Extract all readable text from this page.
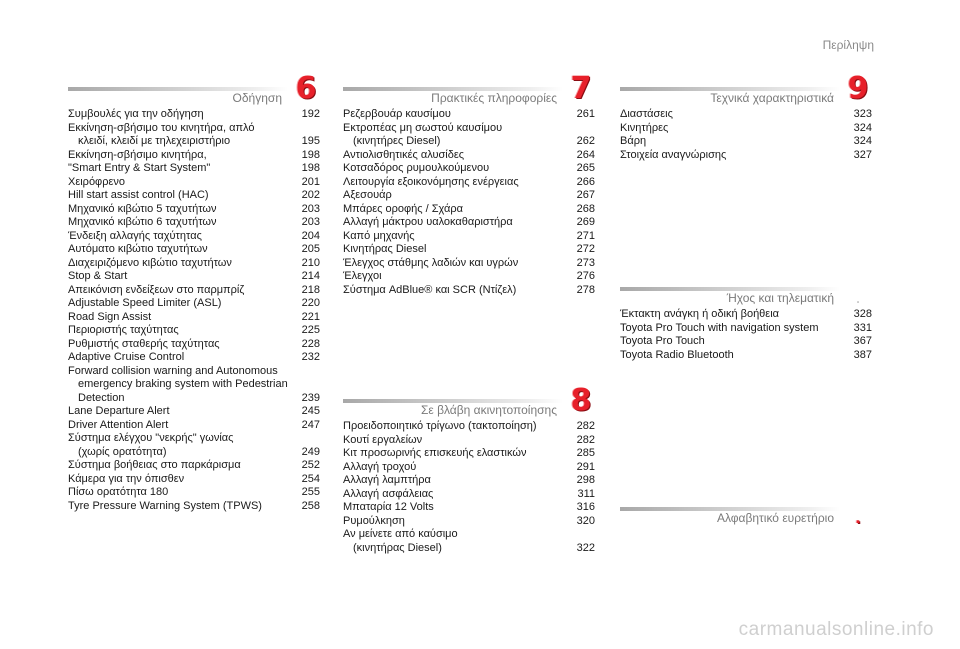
Περίληψη
Οδήγηση 6
Συμβουλές για την οδήγηση	192
Εκκίνηση-σβήσιμο του κινητήρα, απλό
κλειδί, κλειδί με τηλεχειριστήριο	195
Εκκίνηση-σβήσιμο κινητήρα,	198
"Smart Entry & Start System"	198
Χειρόφρενο	201
Hill start assist control (HAC)	202
Μηχανικό κιβώτιο 5 ταχυτήτων	203
Μηχανικό κιβώτιο 6 ταχυτήτων	203
Ένδειξη αλλαγής ταχύτητας	204
Αυτόματο κιβώτιο ταχυτήτων	205
Διαχειριζόμενο κιβώτιο ταχυτήτων	210
Stop & Start	214
Απεικόνιση ενδείξεων στο παρμπρίζ	218
Adjustable Speed Limiter (ASL)	220
Road Sign Assist	221
Περιοριστής ταχύτητας	225
Ρυθμιστής σταθερής ταχύτητας	228
Adaptive Cruise Control	232
Forward collision warning and Autonomous
emergency braking system with Pedestrian
Detection	239
Lane Departure Alert	245
Driver Attention Alert	247
Σύστημα ελέγχου "νεκρής" γωνίας
(χωρίς ορατότητα)	249
Σύστημα βοήθειας στο παρκάρισμα	252
Κάμερα για την όπισθεν	254
Πίσω ορατότητα 180	255
Tyre Pressure Warning System (TPWS)	258
Πρακτικές πληροφορίες 7
Ρεζερβουάρ καυσίμου	261
Εκτροπέας μη σωστού καυσίμου
(κινητήρες Diesel)	262
Αντιολισθητικές αλυσίδες	264
Κοτσαδόρος ρυμουλκούμενου	265
Λειτουργία εξοικονόμησης ενέργειας	266
Αξεσουάρ	267
Μπάρες οροφής / Σχάρα	268
Αλλαγή μάκτρου υαλοκαθαριστήρα	269
Καπό μηχανής	271
Κινητήρας Diesel	272
Έλεγχος στάθμης λαδιών και υγρών	273
Έλεγχοι	276
Σύστημα AdBlue® και SCR (Ντίζελ)	278
Σε βλάβη ακινητοποίησης 8
Προειδοποιητικό τρίγωνο (τακτοποίηση)	282
Κουτί εργαλείων	282
Κιτ προσωρινής επισκευής ελαστικών	285
Αλλαγή τροχού	291
Αλλαγή λαμπτήρα	298
Αλλαγή ασφάλειας	311
Μπαταρία 12 Volts	316
Ρυμούλκηση	320
Αν μείνετε από καύσιμο
(κινητήρας Diesel)	322
Τεχνικά χαρακτηριστικά 9
Διαστάσεις	323
Κινητήρες	324
Βάρη	324
Στοιχεία αναγνώρισης	327
Ήχος και τηλεματική	.
Έκτακτη ανάγκη ή οδική βοήθεια	328
Toyota Pro Touch with navigation system	331
Toyota Pro Touch	367
Toyota Radio Bluetooth	387
Αλφαβητικό ευρετήριο	.
carmanualsonline.info
